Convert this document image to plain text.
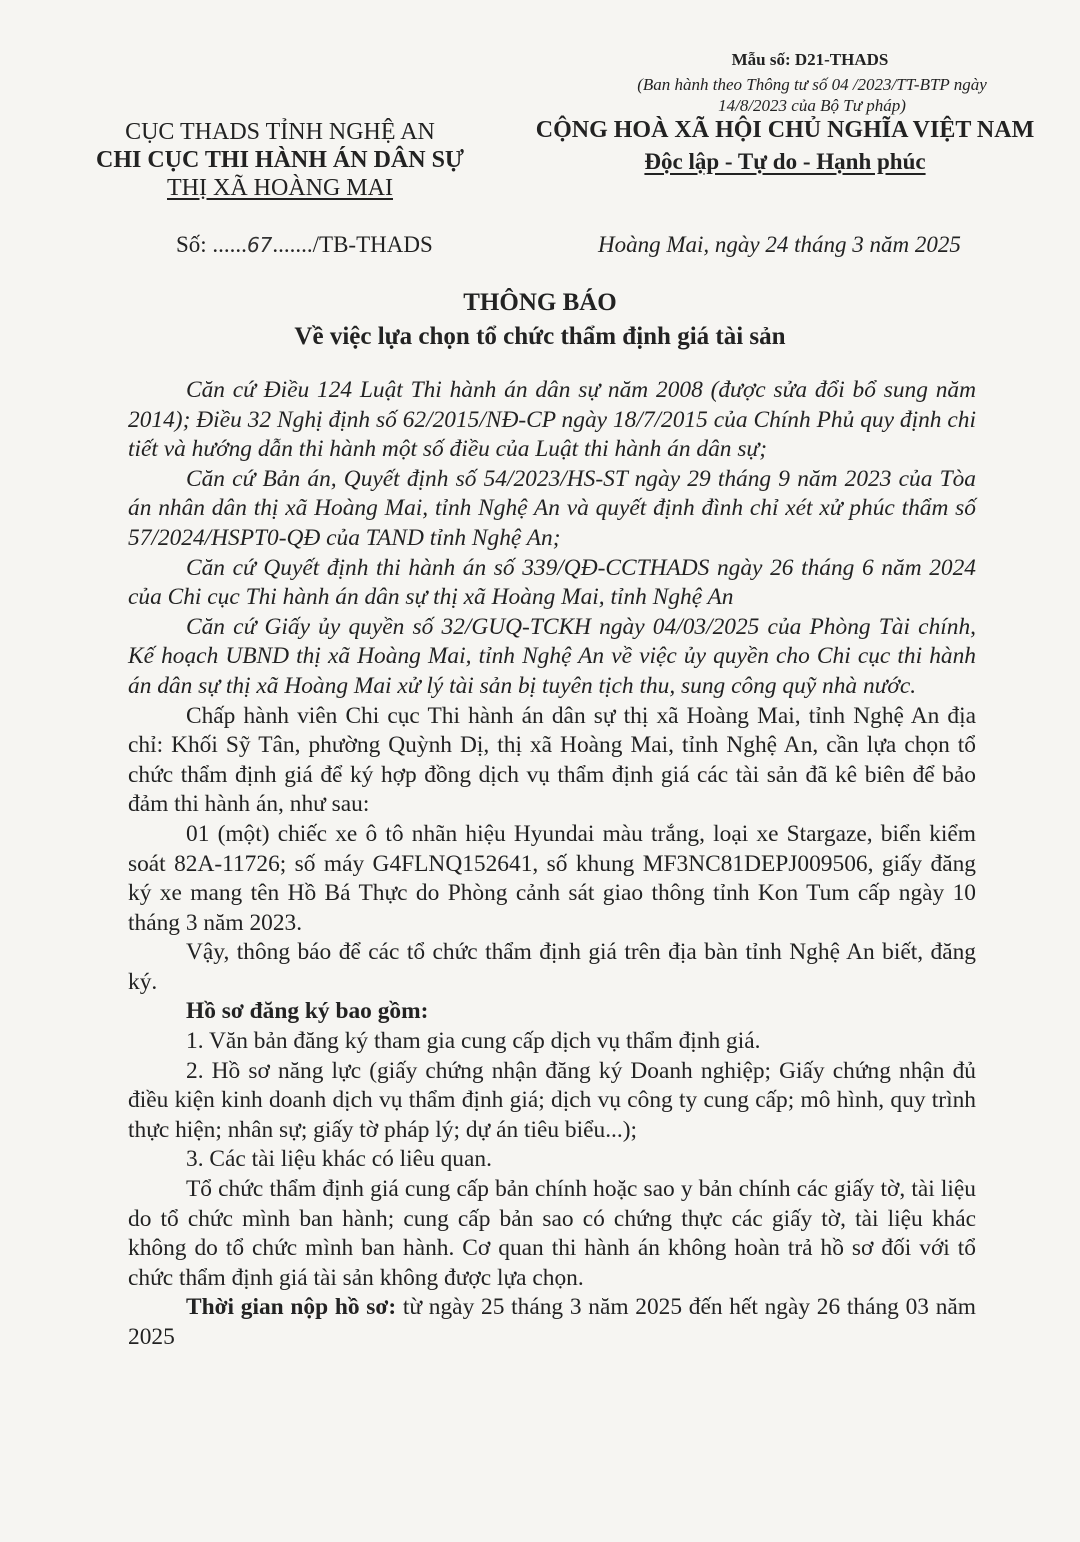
Mẫu số: D21-THADS
(Ban hành theo Thông tư số 04 /2023/TT-BTP ngày
14/8/2023 của Bộ Tư pháp)
CỤC THADS TỈNH NGHỆ AN
CHI CỤC THI HÀNH ÁN DÂN SỰ
THỊ XÃ HOÀNG MAI
CỘNG HOÀ XÃ HỘI CHỦ NGHĨA VIỆT NAM
Độc lập - Tự do - Hạnh phúc
Số: ......67......./TB-THADS	Hoàng Mai, ngày 24 tháng 3 năm 2025
THÔNG BÁO
Về việc lựa chọn tổ chức thẩm định giá tài sản

Căn cứ Điều 124 Luật Thi hành án dân sự năm 2008 (được sửa đổi bổ sung năm 2014); Điều 32 Nghị định số 62/2015/NĐ-CP ngày 18/7/2015 của Chính Phủ quy định chi tiết và hướng dẫn thi hành một số điều của Luật thi hành án dân sự;

Căn cứ Bản án, Quyết định số 54/2023/HS-ST ngày 29 tháng 9 năm 2023 của Tòa án nhân dân thị xã Hoàng Mai, tỉnh Nghệ An và quyết định đình chỉ xét xử phúc thẩm số 57/2024/HSPT0-QĐ của TAND tỉnh Nghệ An;

Căn cứ Quyết định thi hành án số 339/QĐ-CCTHADS ngày 26 tháng 6 năm 2024 của Chi cục Thi hành án dân sự thị xã Hoàng Mai, tỉnh Nghệ An

Căn cứ Giấy ủy quyền số 32/GUQ-TCKH ngày 04/03/2025 của Phòng Tài chính, Kế hoạch UBND thị xã Hoàng Mai, tỉnh Nghệ An về việc ủy quyền cho Chi cục thi hành án dân sự thị xã Hoàng Mai xử lý tài sản bị tuyên tịch thu, sung công quỹ nhà nước.

Chấp hành viên Chi cục Thi hành án dân sự thị xã Hoàng Mai, tỉnh Nghệ An địa chỉ: Khối Sỹ Tân, phường Quỳnh Dị, thị xã Hoàng Mai, tỉnh Nghệ An, cần lựa chọn tổ chức thẩm định giá để ký hợp đồng dịch vụ thẩm định giá các tài sản đã kê biên để bảo đảm thi hành án, như sau:

01 (một) chiếc xe ô tô nhãn hiệu Hyundai màu trắng, loại xe Stargaze, biển kiểm soát 82A-11726; số máy G4FLNQ152641, số khung MF3NC81DEPJ009506, giấy đăng ký xe mang tên Hồ Bá Thực do Phòng cảnh sát giao thông tỉnh Kon Tum cấp ngày 10 tháng 3 năm 2023.

Vậy, thông báo để các tổ chức thẩm định giá trên địa bàn tỉnh Nghệ An biết, đăng ký.

Hồ sơ đăng ký bao gồm:

1. Văn bản đăng ký tham gia cung cấp dịch vụ thẩm định giá.

2. Hồ sơ năng lực (giấy chứng nhận đăng ký Doanh nghiệp; Giấy chứng nhận đủ điều kiện kinh doanh dịch vụ thẩm định giá; dịch vụ công ty cung cấp; mô hình, quy trình thực hiện; nhân sự; giấy tờ pháp lý; dự án tiêu biểu...);

3. Các tài liệu khác có liêu quan.

Tổ chức thẩm định giá cung cấp bản chính hoặc sao y bản chính các giấy tờ, tài liệu do tổ chức mình ban hành; cung cấp bản sao có chứng thực các giấy tờ, tài liệu khác không do tổ chức mình ban hành. Cơ quan thi hành án không hoàn trả hồ sơ đối với tổ chức thẩm định giá tài sản không được lựa chọn.

Thời gian nộp hồ sơ: từ ngày 25 tháng 3 năm 2025 đến hết ngày 26 tháng 03 năm 2025
